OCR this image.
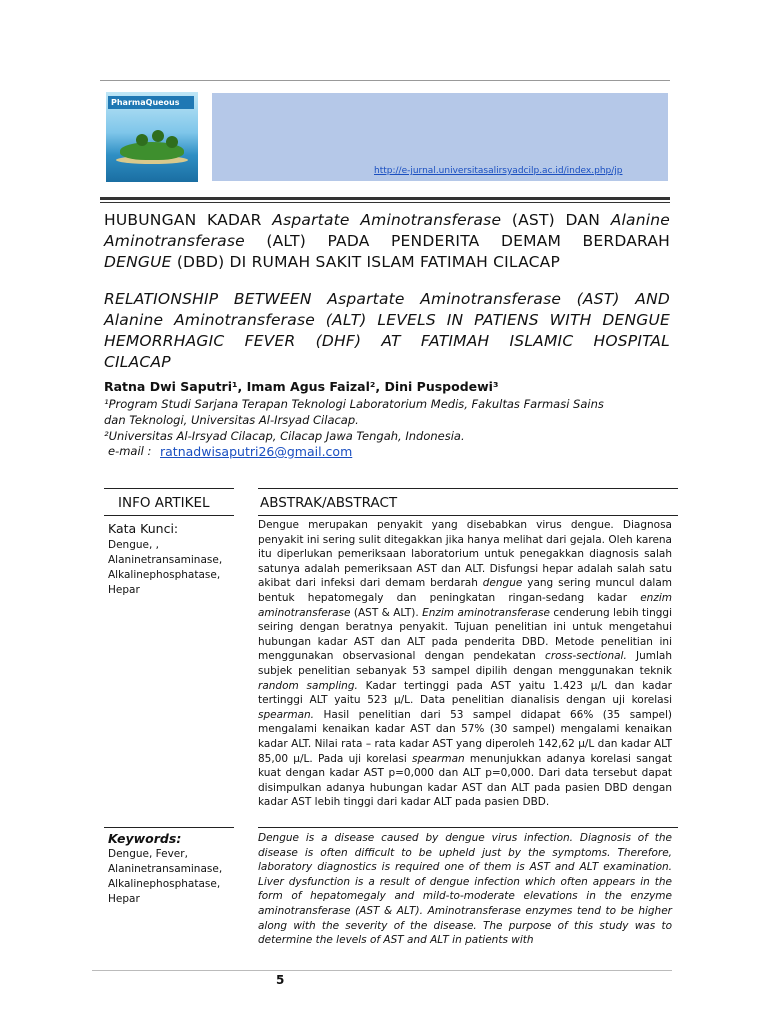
PharmaQueous
http://e-jurnal.universitasalirsyadcilp.ac.id/index.php/jp

HUBUNGAN KADAR Aspartate Aminotransferase (AST) DAN Alanine

Aminotransferase (ALT) PADA PENDERITA DEMAM BERDARAH

DENGUE (DBD) DI RUMAH SAKIT ISLAM FATIMAH CILACAP

RELATIONSHIP BETWEEN Aspartate Aminotransferase (AST) AND

Alanine Aminotransferase (ALT) LEVELS IN PATIENS WITH DENGUE

HEMORRHAGIC FEVER (DHF) AT FATIMAH ISLAMIC HOSPITAL

CILACAP

Ratna Dwi Saputri¹, Imam Agus Faizal², Dini Puspodewi³
¹Program Studi Sarjana Terapan Teknologi Laboratorium Medis, Fakultas Farmasi Sains
dan Teknologi, Universitas Al-Irsyad Cilacap.
²Universitas Al-Irsyad Cilacap, Cilacap Jawa Tengah, Indonesia.
e-mail : ratnadwisaputri26@gmail.com
INFO ARTIKEL	ABSTRAK/ABSTRACT
Kata Kunci:
Dengue, ,
Alaninetransaminase,
Alkalinephosphatase,
Hepar

Dengue merupakan penyakit yang disebabkan virus dengue. Diagnosa penyakit ini sering sulit ditegakkan jika hanya melihat dari gejala. Oleh karena itu diperlukan pemeriksaan laboratorium untuk penegakkan diagnosis salah satunya adalah pemeriksaan AST dan ALT. Disfungsi hepar adalah salah satu akibat dari infeksi dari demam berdarah dengue yang sering muncul dalam bentuk hepatomegaly dan peningkatan ringan-sedang kadar enzim aminotransferase (AST & ALT). Enzim aminotransferase cenderung lebih tinggi seiring dengan beratnya penyakit. Tujuan penelitian ini untuk mengetahui hubungan kadar AST dan ALT pada penderita DBD. Metode penelitian ini menggunakan observasional dengan pendekatan cross-sectional. Jumlah subjek penelitian sebanyak 53 sampel dipilih dengan menggunakan teknik random sampling. Kadar tertinggi pada AST yaitu 1.423 μ/L dan kadar tertinggi ALT yaitu 523 μ/L. Data penelitian dianalisis dengan uji korelasi spearman. Hasil penelitian dari 53 sampel didapat 66% (35 sampel) mengalami kenaikan kadar AST dan 57% (30 sampel) mengalami kenaikan kadar ALT. Nilai rata – rata kadar AST yang diperoleh 142,62 μ/L dan kadar ALT 85,00 μ/L. Pada uji korelasi spearman menunjukkan adanya korelasi sangat kuat dengan kadar AST p=0,000 dan ALT p=0,000. Dari data tersebut dapat disimpulkan adanya hubungan kadar AST dan ALT pada pasien DBD dengan kadar AST lebih tinggi dari kadar ALT pada pasien DBD.

Keywords:
Dengue, Fever,
Alaninetransaminase,
Alkalinephosphatase,
Hepar

Dengue is a disease caused by dengue virus infection. Diagnosis of the disease is often difficult to be upheld just by the symptoms. Therefore, laboratory diagnostics is required one of them is AST and ALT examination. Liver dysfunction is a result of dengue infection which often appears in the form of hepatomegaly and mild-to-moderate elevations in the enzyme aminotransferase (AST & ALT). Aminotransferase enzymes tend to be higher along with the severity of the disease. The purpose of this study was to determine the levels of AST and ALT in patients with

5
